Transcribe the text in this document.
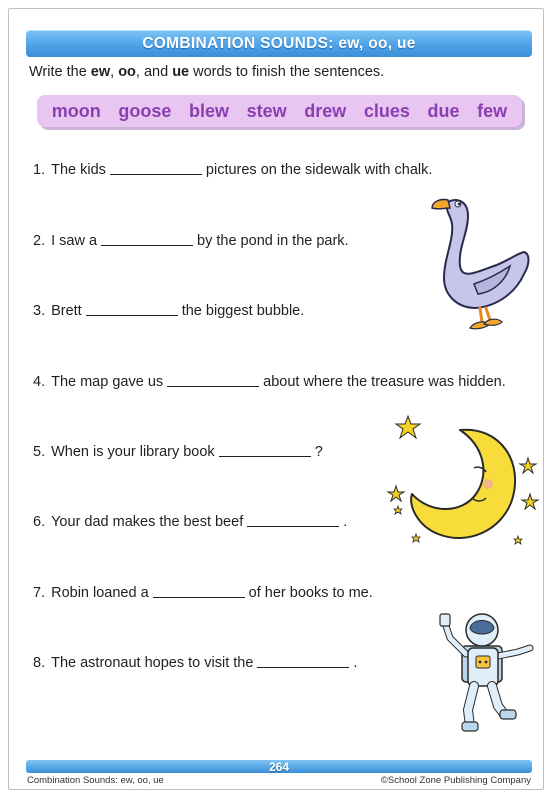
COMBINATION SOUNDS: ew, oo, ue
Write the ew, oo, and ue words to finish the sentences.
moon goose blew stew drew clues due few
1. The kids	pictures on the sidewalk with chalk.
2. I saw a	by the pond in the park.
3. Brett	the biggest bubble.
4. The map gave us	about where the treasure was hidden.
5. When is your library book	?
6. Your dad makes the best beef	.
7. Robin loaned a	of her books to me.
8. The astronaut hopes to visit the	.
264
Combination Sounds: ew, oo, ue	©School Zone Publishing Company
